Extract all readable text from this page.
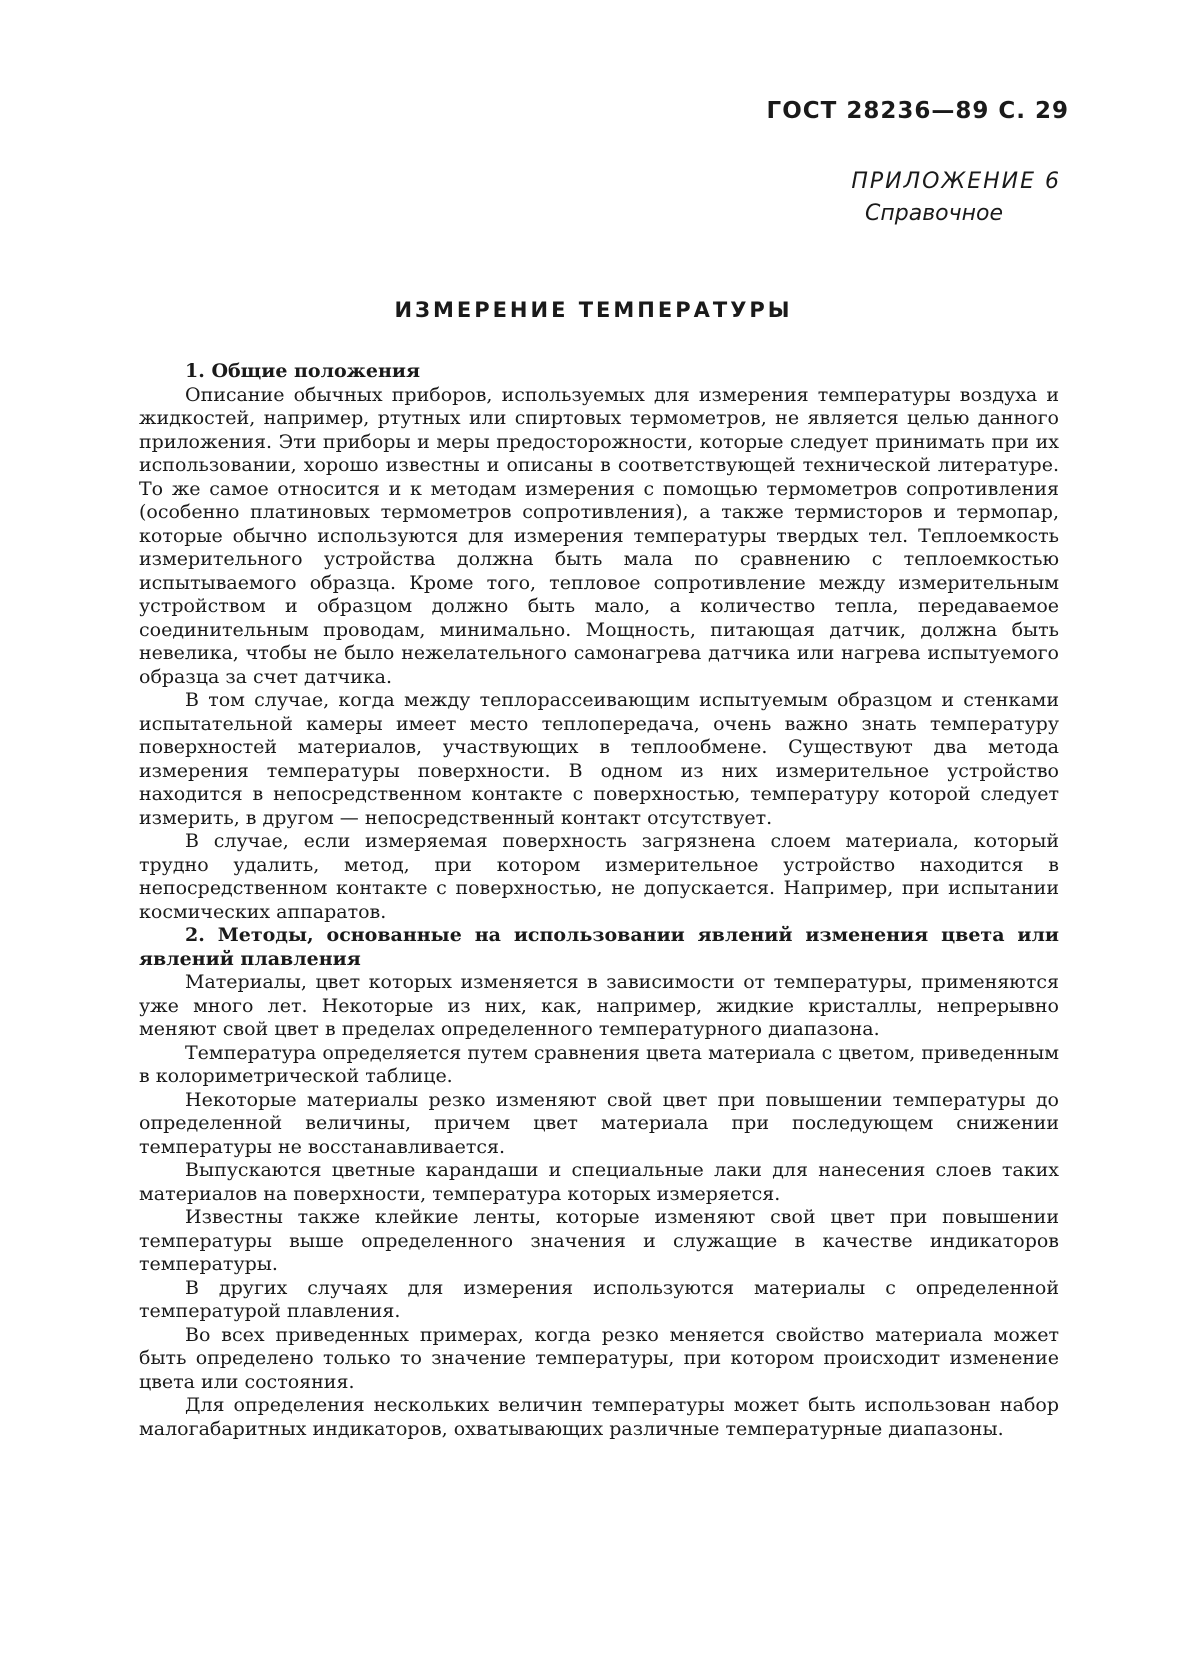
ГОСТ 28236—89 С. 29
ПРИЛОЖЕНИЕ 6
Справочное
ИЗМЕРЕНИЕ ТЕМПЕРАТУРЫ

1. Общие положения

Описание обычных приборов, используемых для измерения температуры воздуха и жидкостей, например, ртутных или спиртовых термометров, не является целью данного приложения. Эти приборы и меры предосторожности, которые следует принимать при их использовании, хорошо известны и описаны в соответствующей технической литературе. То же самое относится и к методам измерения с помощью термометров сопротивления (особенно платиновых термометров сопротивления), а также термисторов и термопар, которые обычно используются для измерения температуры твердых тел. Теплоемкость измерительного устройства должна быть мала по сравнению с теплоемкостью испытываемого образца. Кроме того, тепловое сопротивление между измерительным устройством и образцом должно быть мало, а количество тепла, передаваемое соединительным проводам, минимально. Мощность, питающая датчик, должна быть невелика, чтобы не было нежелательного самонагрева датчика или нагрева испытуемого образца за счет датчика.

В том случае, когда между теплорассеивающим испытуемым образцом и стенками испытательной камеры имеет место теплопередача, очень важно знать температуру поверхностей материалов, участвующих в теплообмене. Существуют два метода измерения температуры поверхности. В одном из них измерительное устройство находится в непосредственном контакте с поверхностью, температуру которой следует измерить, в другом — непосредственный контакт отсутствует.

В случае, если измеряемая поверхность загрязнена слоем материала, который трудно удалить, метод, при котором измерительное устройство находится в непосредственном контакте с поверхностью, не допускается. Например, при испытании космических аппаратов.

2. Методы, основанные на использовании явлений изменения цвета или явлений плавления

Материалы, цвет которых изменяется в зависимости от температуры, применяются уже много лет. Некоторые из них, как, например, жидкие кристаллы, непрерывно меняют свой цвет в пределах определенного температурного диапазона.

Температура определяется путем сравнения цвета материала с цветом, приведенным в колориметрической таблице.

Некоторые материалы резко изменяют свой цвет при повышении температуры до определенной величины, причем цвет материала при последующем снижении температуры не восстанавливается.

Выпускаются цветные карандаши и специальные лаки для нанесения слоев таких материалов на поверхности, температура которых измеряется.

Известны также клейкие ленты, которые изменяют свой цвет при повышении температуры выше определенного значения и служащие в качестве индикаторов температуры.

В других случаях для измерения используются материалы с определенной температурой плавления.

Во всех приведенных примерах, когда резко меняется свойство материала может быть определено только то значение температуры, при котором происходит изменение цвета или состояния.

Для определения нескольких величин температуры может быть использован набор малогабаритных индикаторов, охватывающих различные температурные диапазоны.
